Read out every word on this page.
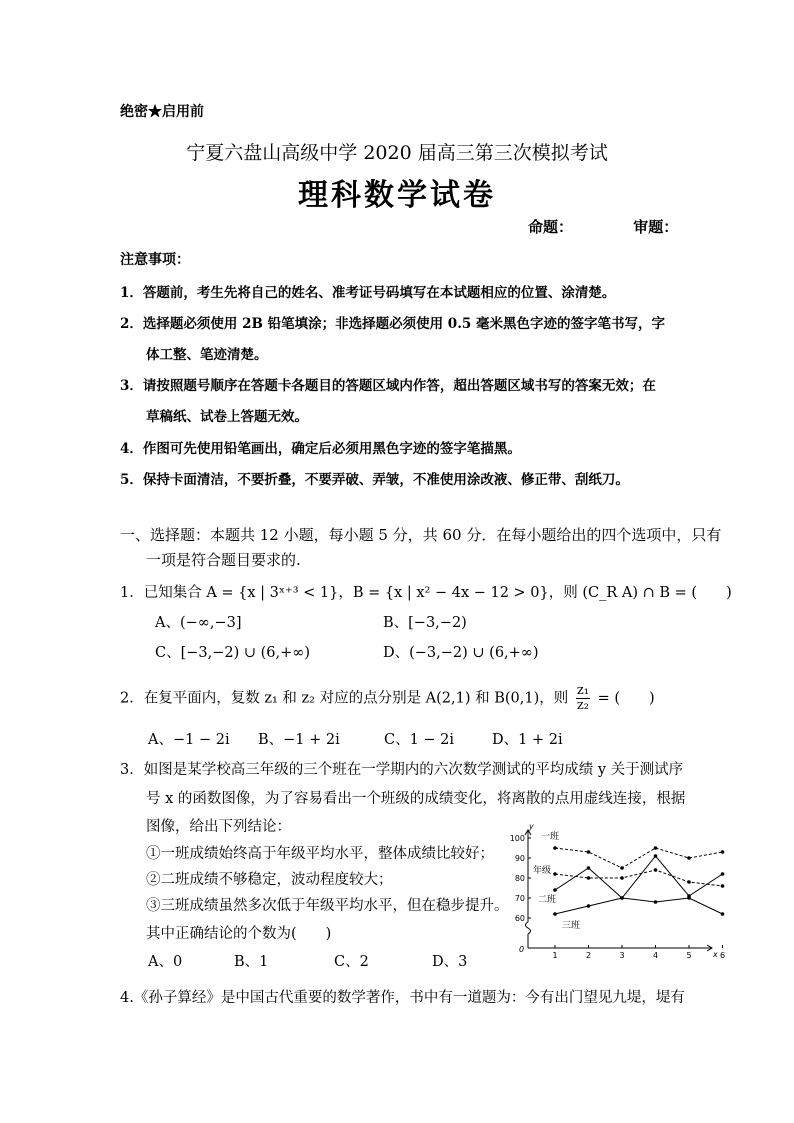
绝密★启用前
宁夏六盘山高级中学 2020 届高三第三次模拟考试
理科数学试卷
命题：	审题：
注意事项：
1．答题前，考生先将自己的姓名、准考证号码填写在本试题相应的位置、涂清楚。
2．选择题必须使用 2B 铅笔填涂；非选择题必须使用 0.5 毫米黑色字迹的签字笔书写，字
体工整、笔迹清楚。
3．请按照题号顺序在答题卡各题目的答题区域内作答，超出答题区域书写的答案无效；在
草稿纸、试卷上答题无效。
4．作图可先使用铅笔画出，确定后必须用黑色字迹的签字笔描黑。
5．保持卡面清洁，不要折叠，不要弄破、弄皱，不准使用涂改液、修正带、刮纸刀。
一、选择题：本题共 12 小题，每小题 5 分，共 60 分．在每小题给出的四个选项中，只有
一项是符合题目要求的.
1．已知集合 A = {x | 3ˣ⁺³ < 1}，B = {x | x² − 4x − 12 > 0}，则 (C_R A) ∩ B = (　　)
A、(−∞,−3]	B、[−3,−2)
C、[−3,−2) ∪ (6,+∞)	D、(−3,−2) ∪ (6,+∞)
2．在复平面内，复数 z₁ 和 z₂ 对应的点分别是 A(2,1) 和 B(0,1)，则 $\frac{\text{z₁}}{\text{z₂}}$ = (　　)
A、−1 − 2i B、−1 + 2i	C、1 − 2i	D、1 + 2i
3．如图是某学校高三年级的三个班在一学期内的六次数学测试的平均成绩 y 关于测试序
号 x 的函数图像，为了容易看出一个班级的成绩变化，将离散的点用虚线连接，根据
图像，给出下列结论：
①一班成绩始终高于年级平均水平，整体成绩比较好；
②二班成绩不够稳定，波动程度较大；
③三班成绩虽然多次低于年级平均水平，但在稳步提升。
其中正确结论的个数为(　　)
A、0	B、1	C、2	D、3
y
x
0
60
70
80
90
100
1	2	3	4	5	6
一班
年级
二班
三班
4.《孙子算经》是中国古代重要的数学著作，书中有一道题为：今有出门望见九堤，堤有
